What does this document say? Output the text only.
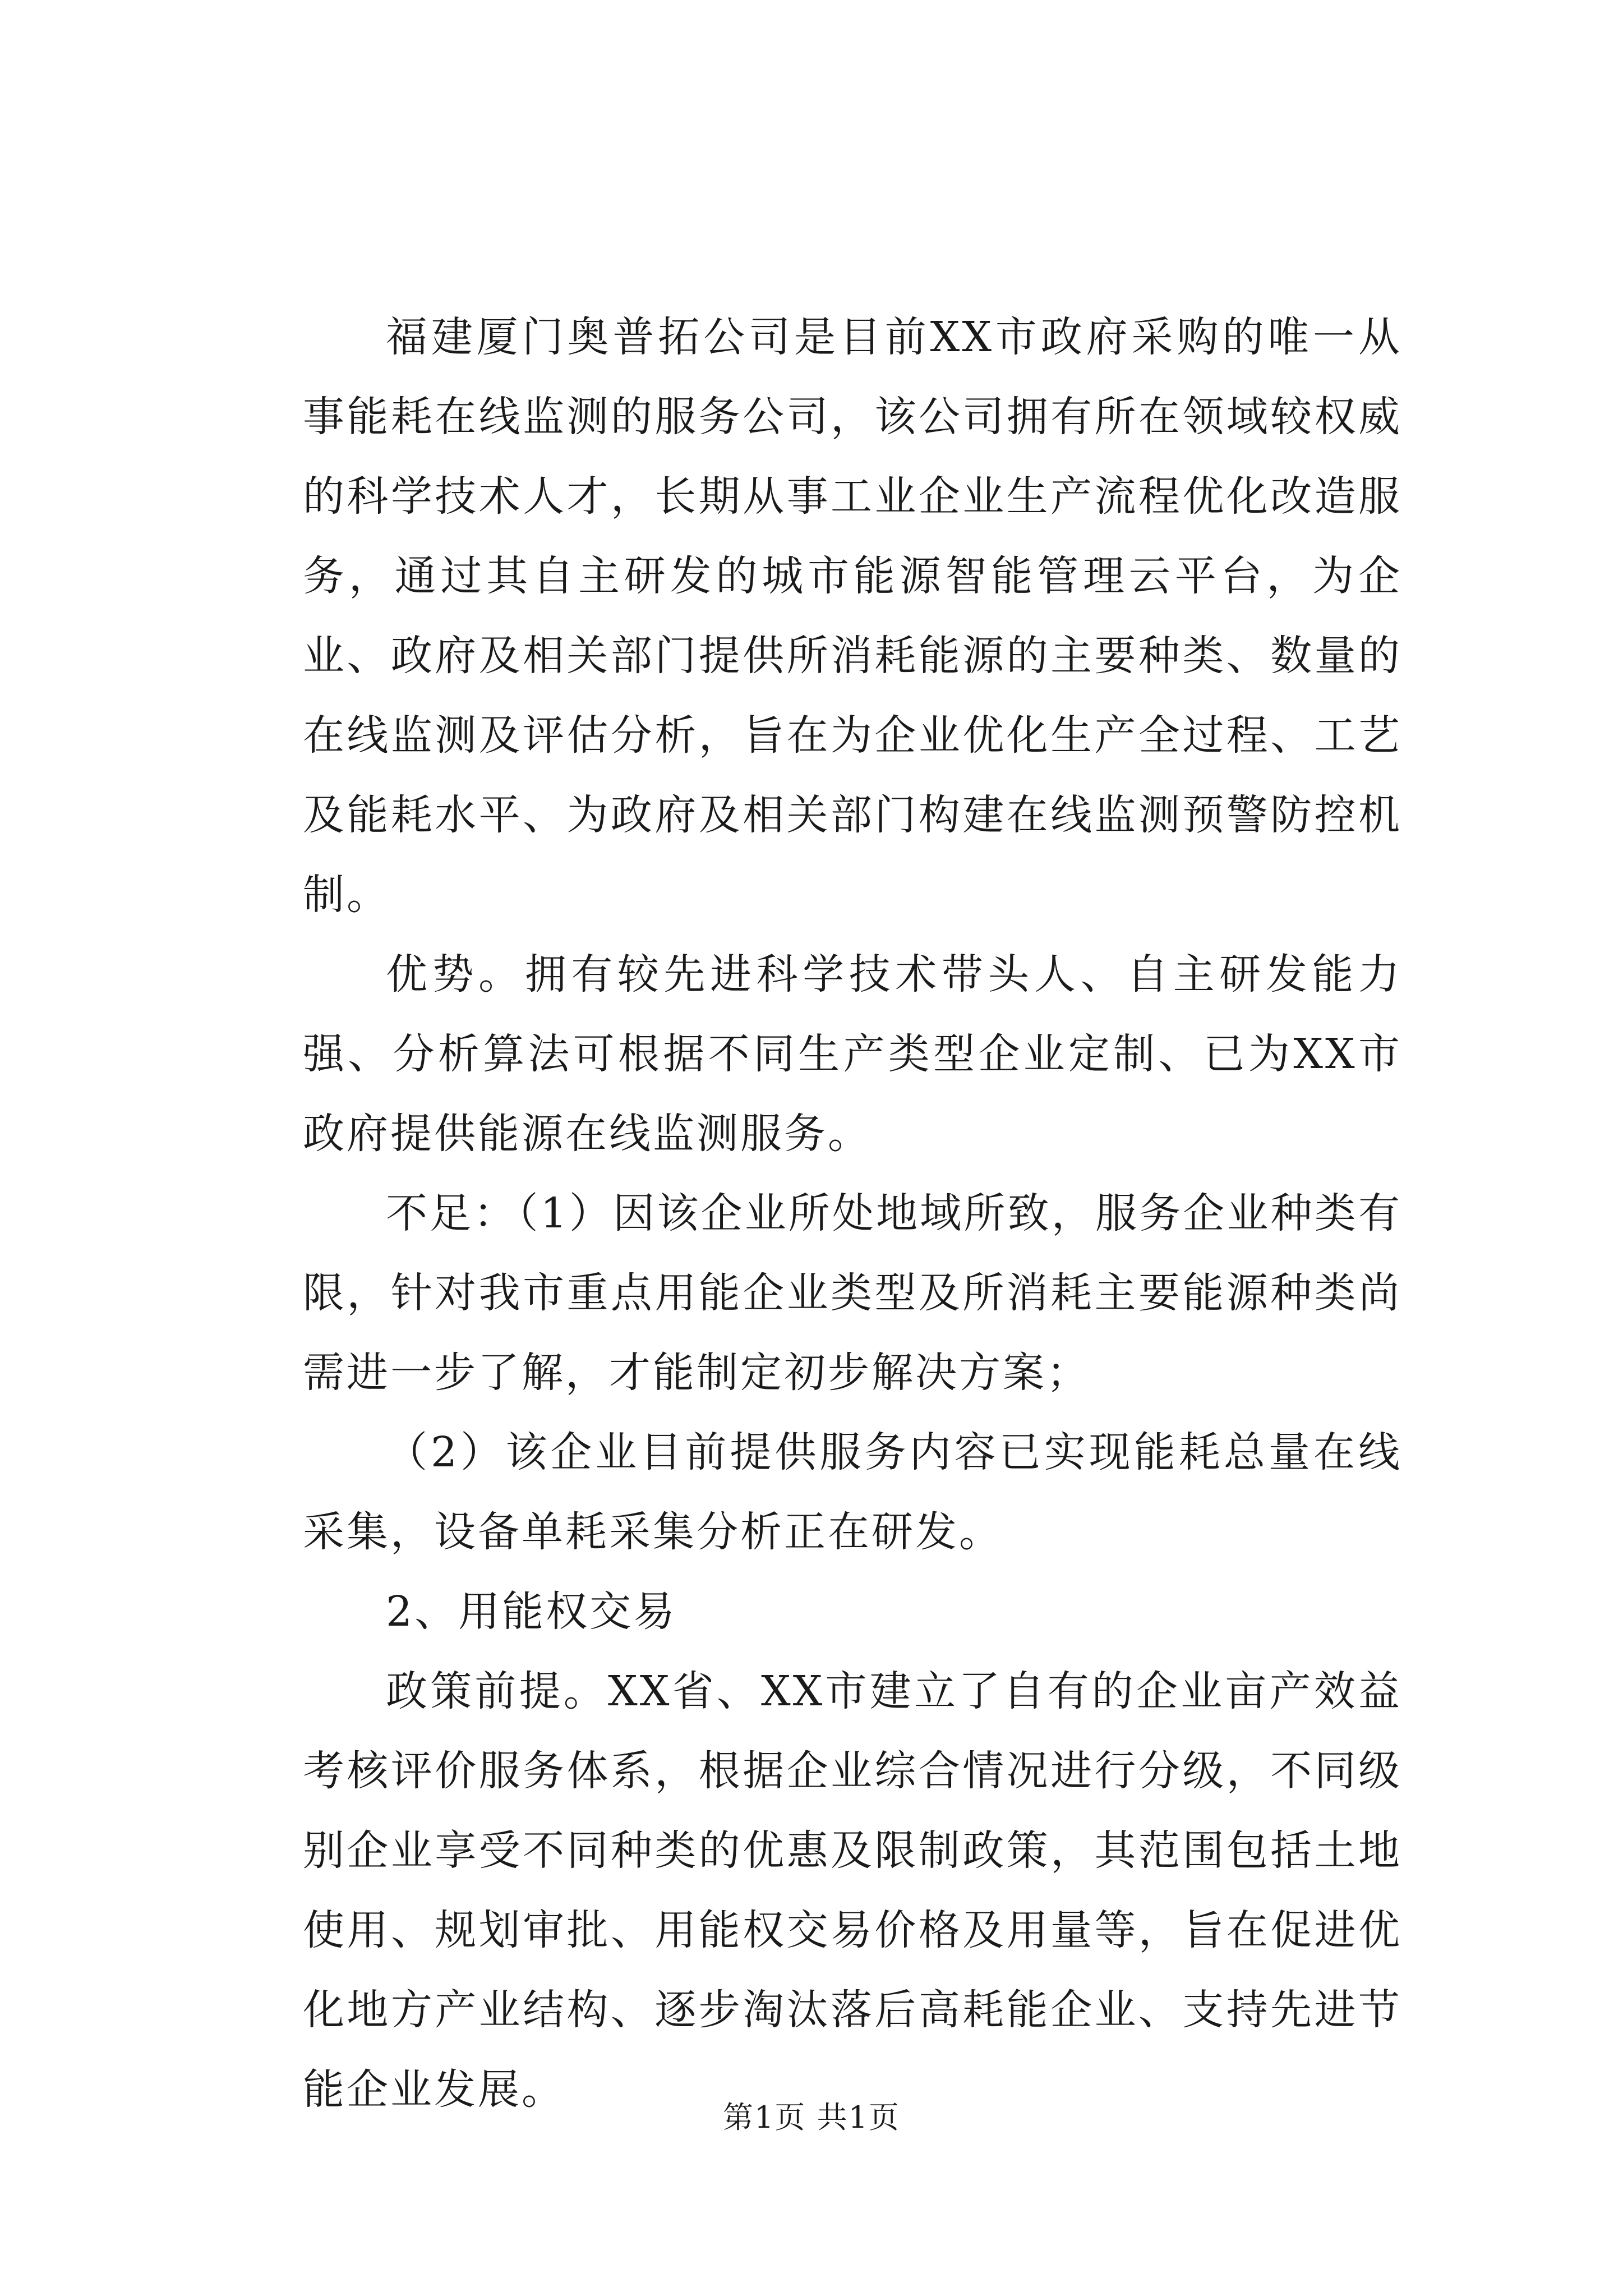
福建厦门奥普拓公司是目前XX市政府采购的唯一从事能耗在线监测的服务公司，该公司拥有所在领域较权威的科学技术人才，长期从事工业企业生产流程优化改造服务，通过其自主研发的城市能源智能管理云平台，为企业、政府及相关部门提供所消耗能源的主要种类、数量的在线监测及评估分析，旨在为企业优化生产全过程、工艺及能耗水平、为政府及相关部门构建在线监测预警防控机制。

优势。拥有较先进科学技术带头人、自主研发能力强、分析算法可根据不同生产类型企业定制、已为XX市政府提供能源在线监测服务。

不足：（1）因该企业所处地域所致，服务企业种类有限，针对我市重点用能企业类型及所消耗主要能源种类尚需进一步了解，才能制定初步解决方案；

（2）该企业目前提供服务内容已实现能耗总量在线采集，设备单耗采集分析正在研发。

2、用能权交易

政策前提。XX省、XX市建立了自有的企业亩产效益考核评价服务体系，根据企业综合情况进行分级，不同级别企业享受不同种类的优惠及限制政策，其范围包括土地使用、规划审批、用能权交易价格及用量等，旨在促进优化地方产业结构、逐步淘汰落后高耗能企业、支持先进节能企业发展。

第1页 共1页
